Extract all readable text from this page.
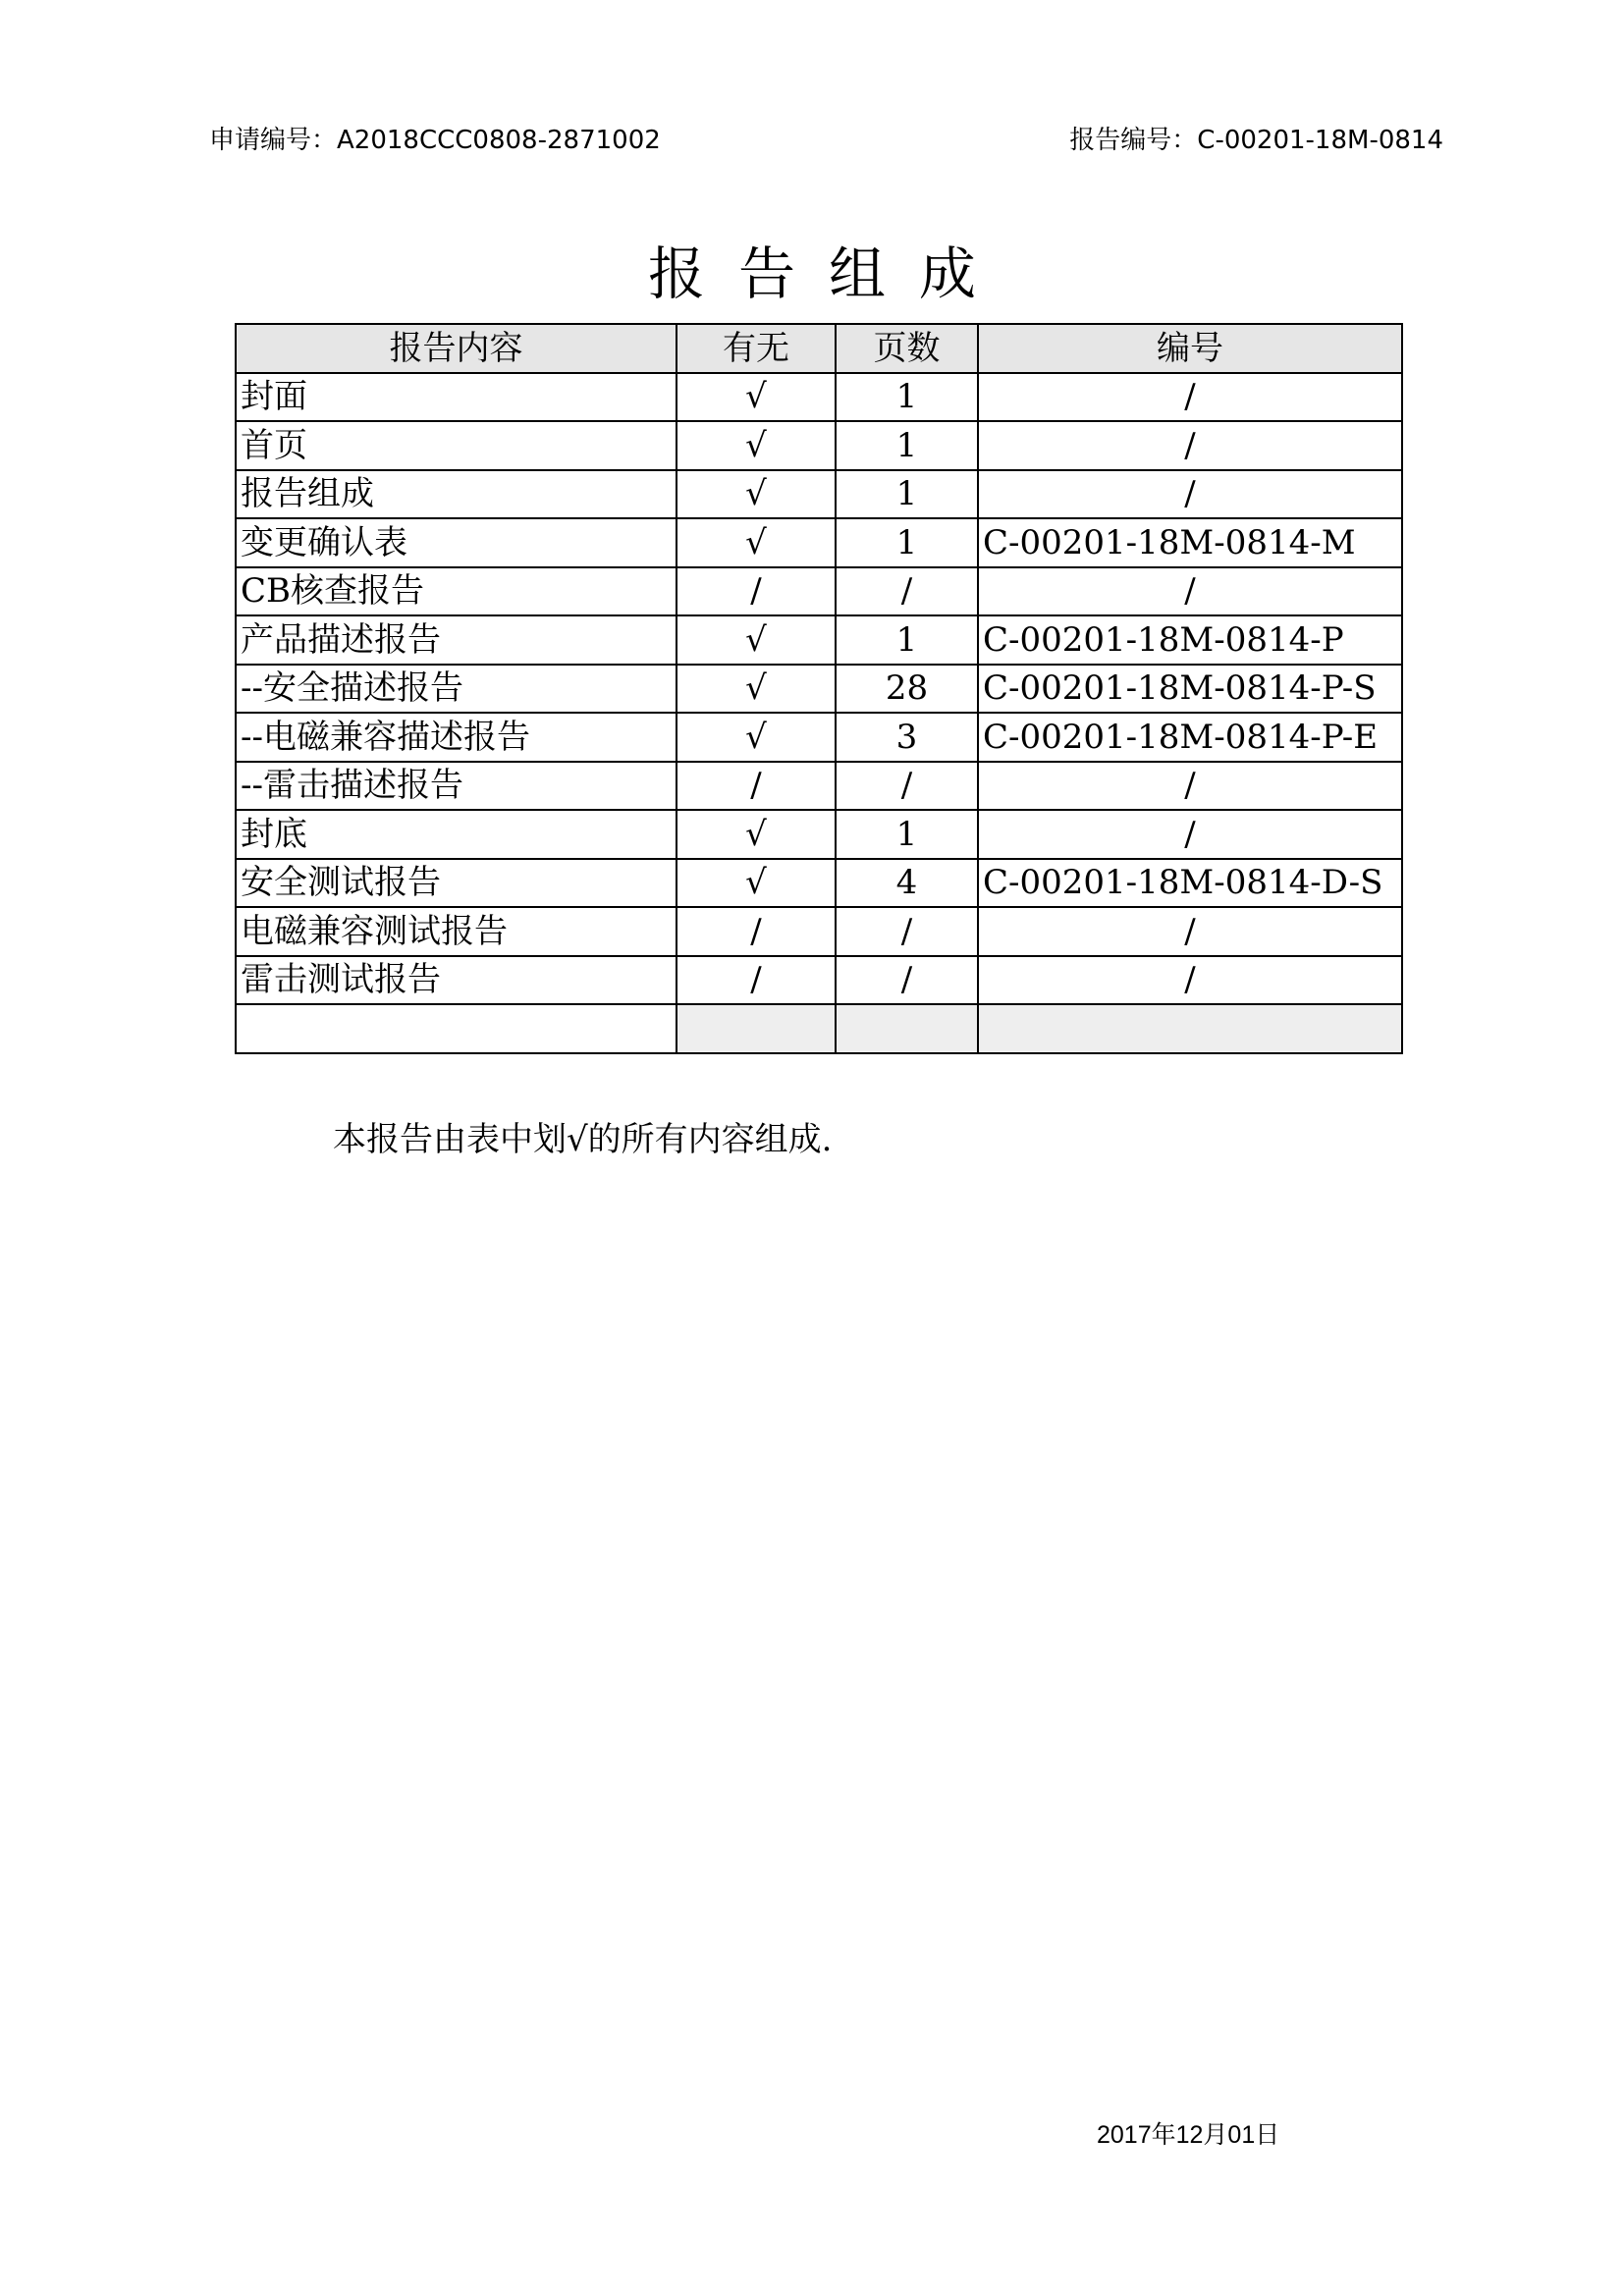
申请编号：A2018CCC0808-2871002	报告编号：C-00201-18M-0814
报告组成
报告内容	有无	页数	编号
封面	√	1	/
首页	√	1	/
报告组成	√	1	/
变更确认表	√	1	C-00201-18M-0814-M
CB核查报告	/	/	/
产品描述报告	√	1	C-00201-18M-0814-P
--安全描述报告	√	28	C-00201-18M-0814-P-S
--电磁兼容描述报告	√	3	C-00201-18M-0814-P-E
--雷击描述报告	/	/	/
封底	√	1	/
安全测试报告	√	4	C-00201-18M-0814-D-S
电磁兼容测试报告	/	/	/
雷击测试报告	/	/	/

本报告由表中划√的所有内容组成.
2017年12月01日
